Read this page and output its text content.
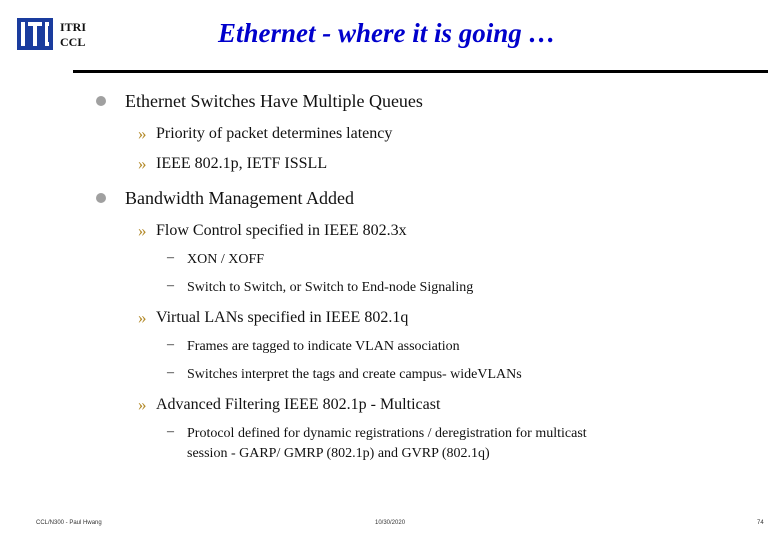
ITRI
CCL	Ethernet - where it is going …
Ethernet Switches Have Multiple Queues
» Priority of packet determines latency
» IEEE 802.1p, IETF ISSLL
Bandwidth Management Added
» Flow Control specified in IEEE 802.3x
– XON / XOFF
– Switch to Switch, or Switch to End-node Signaling
» Virtual LANs specified in IEEE 802.1q
– Frames are tagged to indicate VLAN association
– Switches interpret the tags and create campus- wideVLANs
» Advanced Filtering IEEE 802.1p - Multicast
– Protocol defined for dynamic registrations / deregistration for multicast
session - GARP/ GMRP (802.1p) and GVRP (802.1q)
CCL/N300 - Paul Hwang	10/30/2020	74
